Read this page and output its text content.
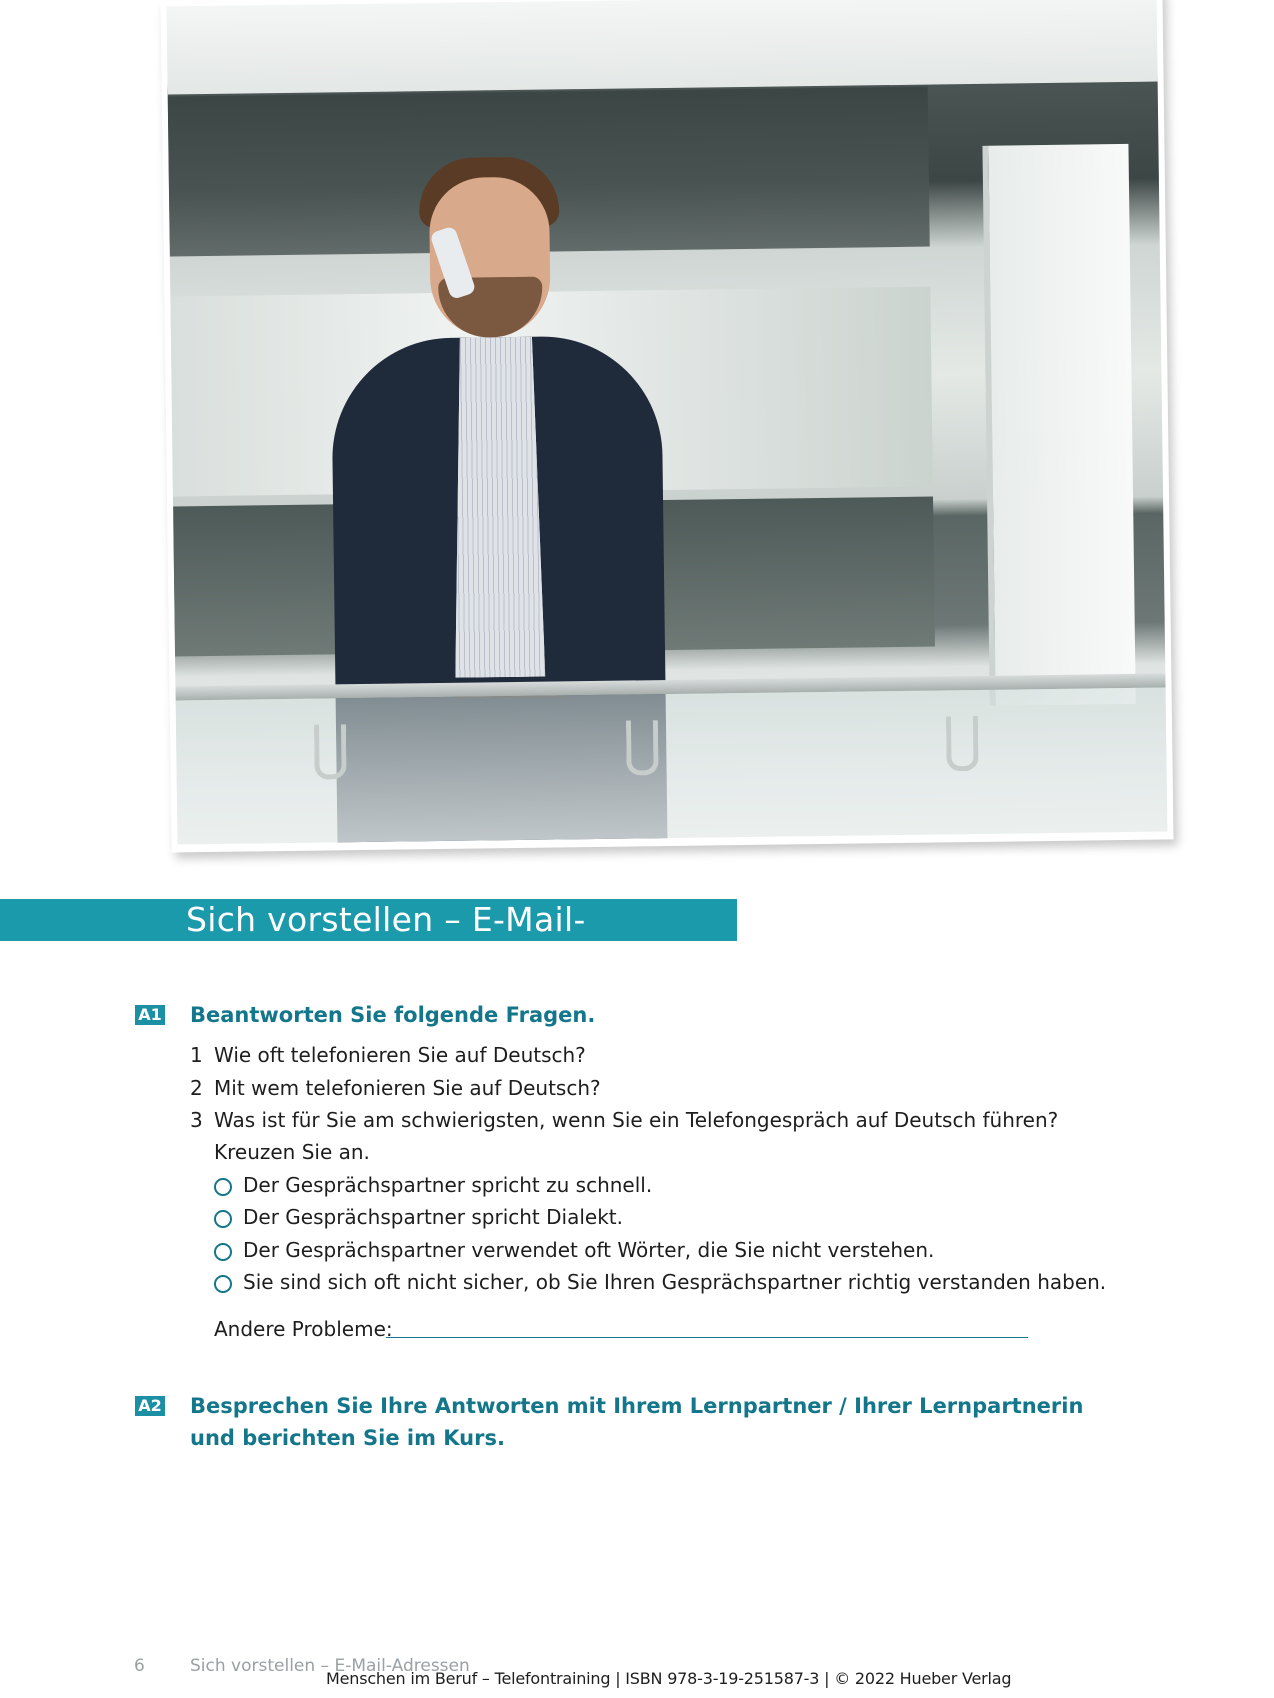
Sich vorstellen – E-Mail-Adressen
A1 Beantworten Sie folgende Fragen.
1 Wie oft telefonieren Sie auf Deutsch?
2 Mit wem telefonieren Sie auf Deutsch?
3 Was ist für Sie am schwierigsten, wenn Sie ein Telefongespräch auf Deutsch führen?
Kreuzen Sie an.
Der Gesprächspartner spricht zu schnell.
Der Gesprächspartner spricht Dialekt.
Der Gesprächspartner verwendet oft Wörter, die Sie nicht verstehen.
Sie sind sich oft nicht sicher, ob Sie Ihren Gesprächspartner richtig verstanden haben.
Andere Probleme:
A2 Besprechen Sie Ihre Antworten mit Ihrem Lernpartner / Ihrer Lernpartnerin
und berichten Sie im Kurs.
6	Sich vorstellen – E-Mail-Adressen
Menschen im Beruf – Telefontraining | ISBN 978-3-19-251587-3 | © 2022 Hueber Verlag
